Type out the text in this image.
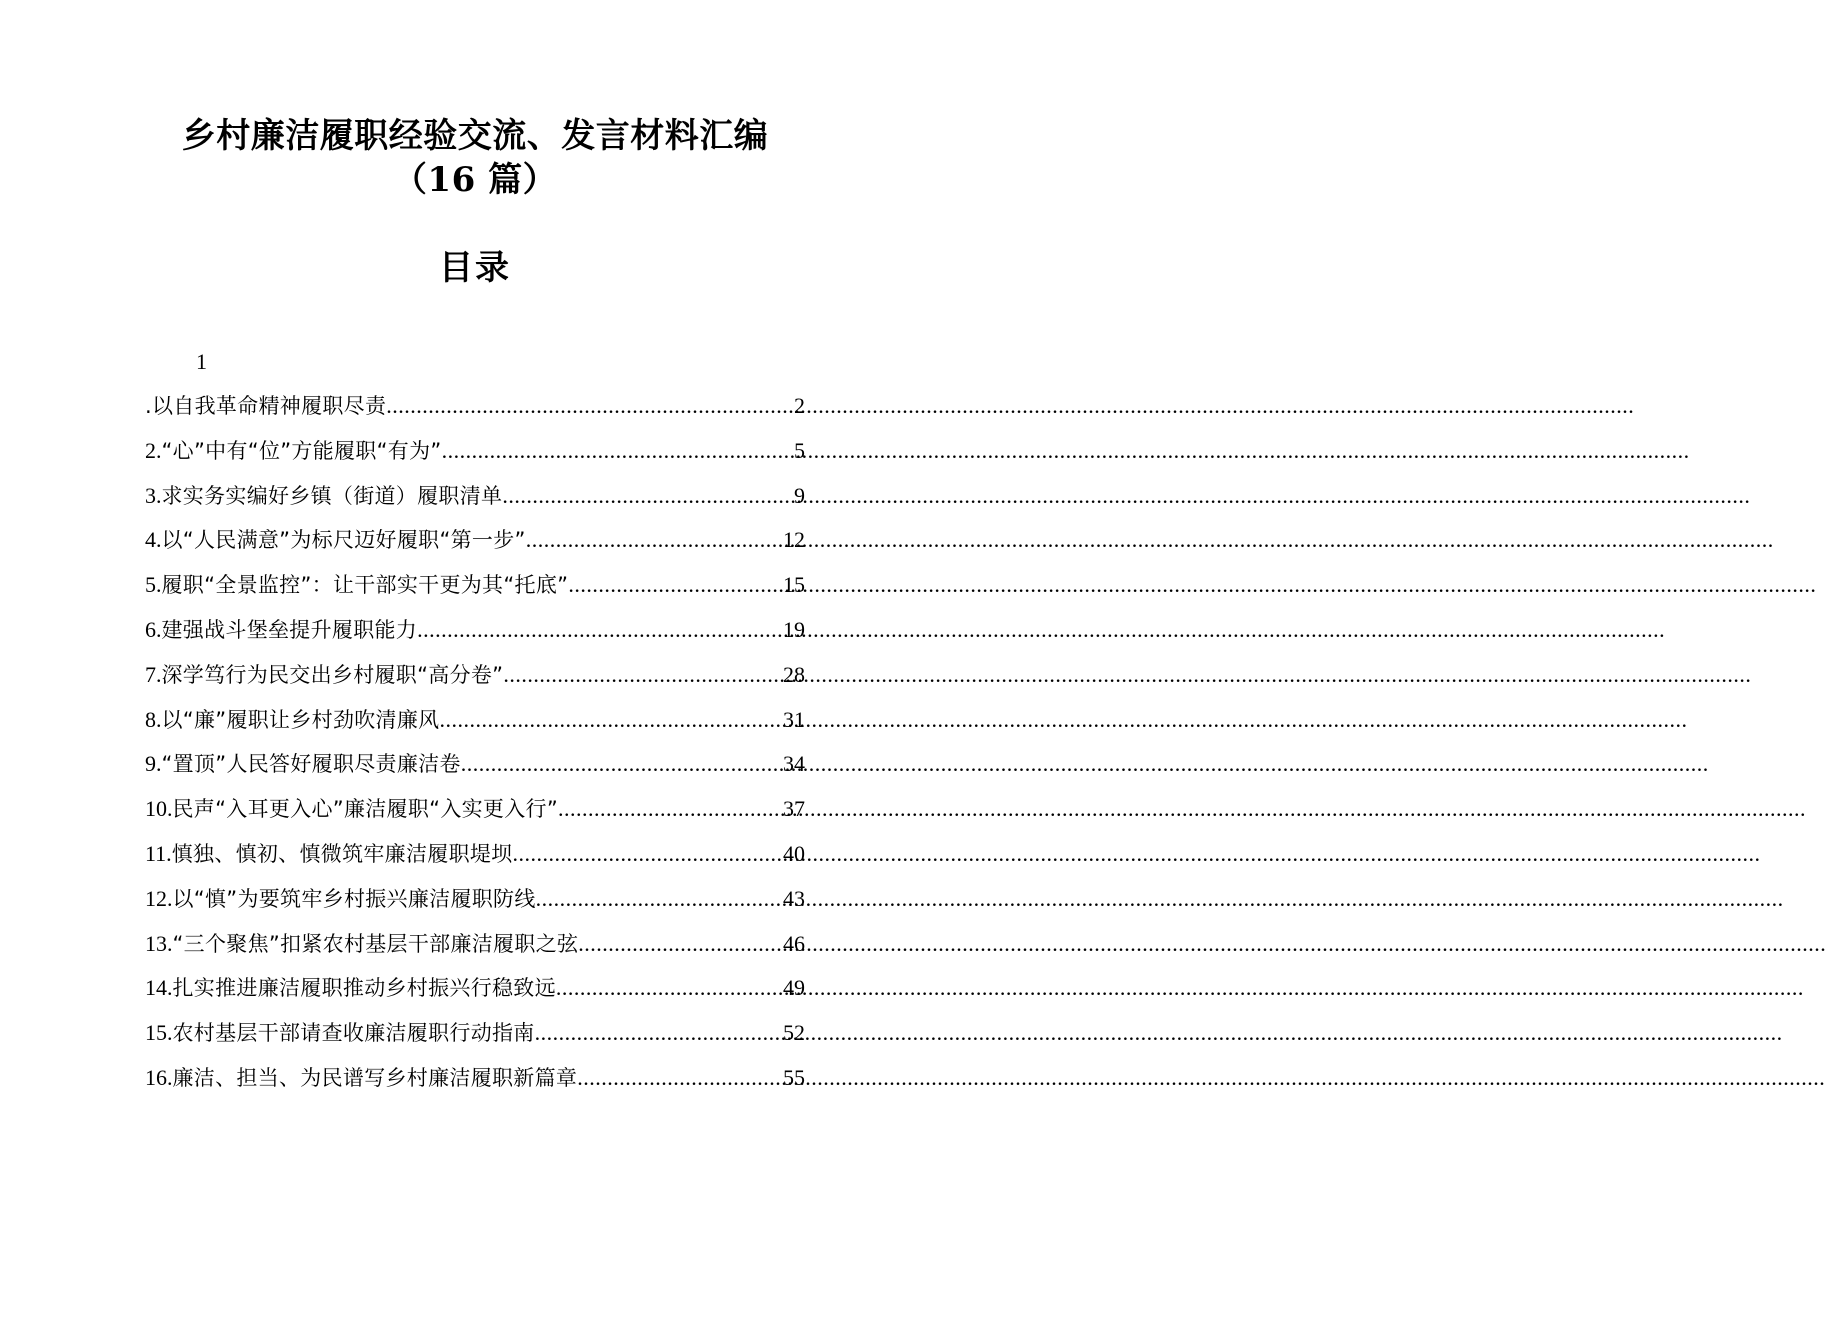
乡村廉洁履职经验交流、发言材料汇编
（16 篇）
目录
1
.以自我革命精神履职尽责 .....	2
2. “心”中有“位”方能履职“有为” .....	5
3. 求实务实编好乡镇（街道）履职清单 .....	9
4. 以“人民满意”为标尺迈好履职“第一步” .....	12
5. 履职“全景监控”：让干部实干更为其“托底” .....	15
6. 建强战斗堡垒提升履职能力 .....	19
7. 深学笃行为民交出乡村履职“高分卷” .....	28
8. 以“廉”履职让乡村劲吹清廉风 .....	31
9. “置顶”人民答好履职尽责廉洁卷 .....	34
10. 民声“入耳更入心”廉洁履职“入实更入行” .....	37
11. 慎独、慎初、慎微筑牢廉洁履职堤坝 .....	40
12. 以“慎”为要筑牢乡村振兴廉洁履职防线 .....	43
13. “三个聚焦”扣紧农村基层干部廉洁履职之弦 .....	46
14. 扎实推进廉洁履职推动乡村振兴行稳致远 .....	49
15. 农村基层干部请查收廉洁履职行动指南 .....	52
16. 廉洁、担当、为民谱写乡村廉洁履职新篇章 .....	55
